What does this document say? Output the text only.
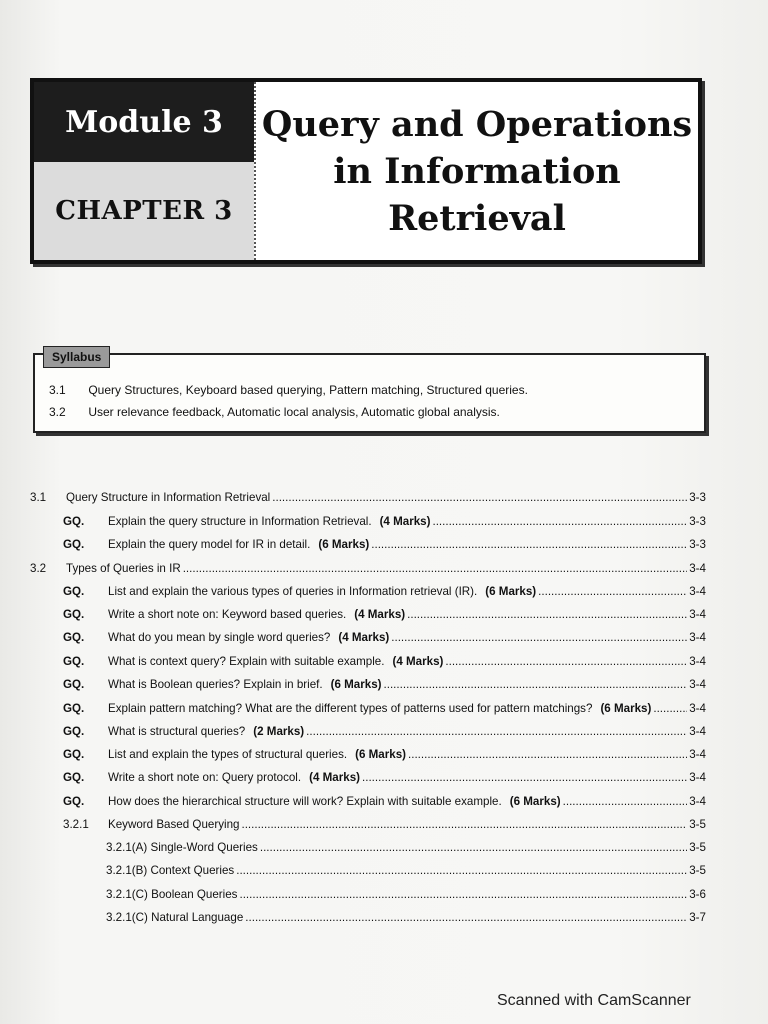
Module 3
CHAPTER 3
Query and Operations
in Information
Retrieval
Syllabus
3.1 Query Structures, Keyboard based querying, Pattern matching, Structured queries.
3.2 User relevance feedback, Automatic local analysis, Automatic global analysis.
3.1 Query Structure in Information Retrieval .....	3-3
GQ. Explain the query structure in Information Retrieval. (4 Marks) .....	3-3
GQ. Explain the query model for IR in detail. (6 Marks) .....	3-3
3.2 Types of Queries in IR .....	3-4
GQ. List and explain the various types of queries in Information retrieval (IR). (6 Marks) .....	3-4
GQ. Write a short note on: Keyword based queries. (4 Marks) .....	3-4
GQ. What do you mean by single word queries? (4 Marks) .....	3-4
GQ. What is context query? Explain with suitable example. (4 Marks) .....	3-4
GQ. What is Boolean queries? Explain in brief. (6 Marks) .....	3-4
GQ. Explain pattern matching? What are the different types of patterns used for pattern matchings? (6 Marks) .....	3-4
GQ. What is structural queries? (2 Marks) .....	3-4
GQ. List and explain the types of structural queries. (6 Marks) .....	3-4
GQ. Write a short note on: Query protocol. (4 Marks) .....	3-4
GQ. How does the hierarchical structure will work? Explain with suitable example. (6 Marks) .....	3-4
3.2.1 Keyword Based Querying .....	3-5
3.2.1(A) Single-Word Queries .....	3-5
3.2.1(B) Context Queries .....	3-5
3.2.1(C) Boolean Queries .....	3-6
3.2.1(C) Natural Language .....	3-7
Scanned with CamScanner
